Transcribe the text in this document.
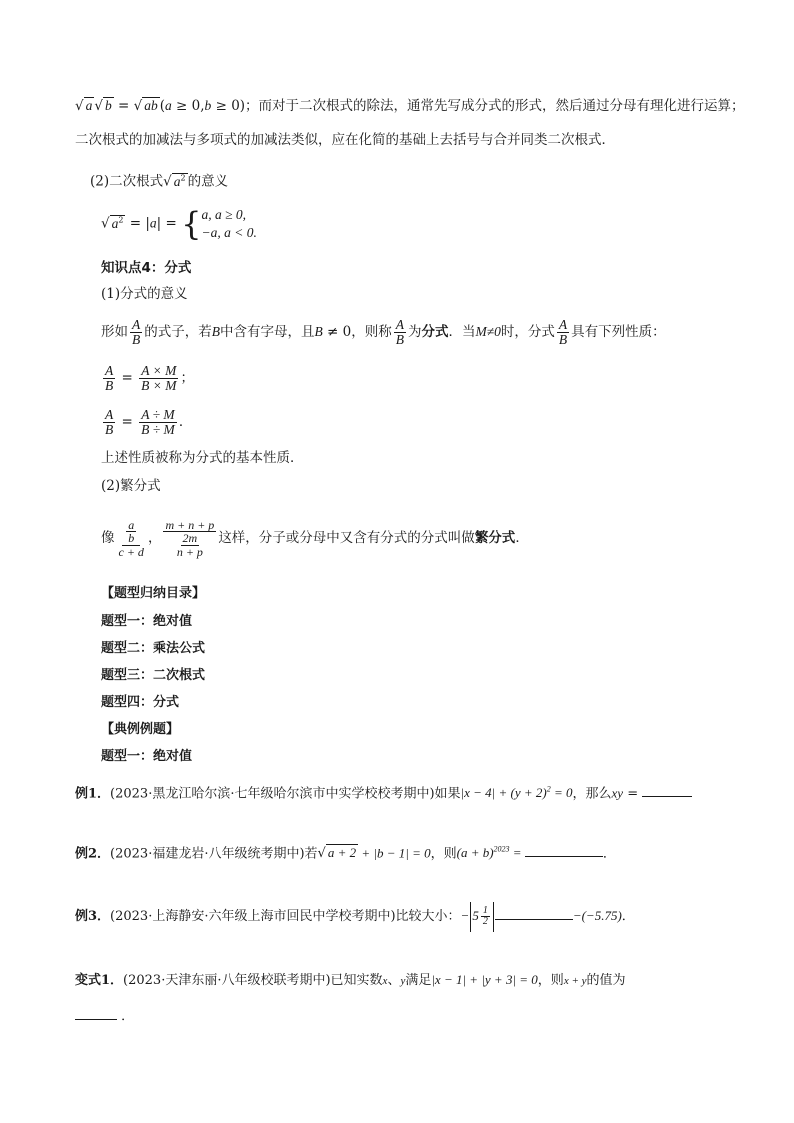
√ a √ b = √ ab (a ≥ 0,b ≥ 0)；而对于二次根式的除法，通常先写成分式的形式，然后通过分母有理化进行运算；
二次根式的加减法与多项式的加减法类似，应在化简的基础上去括号与合并同类二次根式．
(2)二次根式√ $a^2$ 的意义
√ $a^2 = |a|$ = { a, a ≥ 0,
−a, a < 0.
知识点4：分式
(1)分式的意义
形如 $\frac{A}{B}$ 的式子，若B中含有字母，且B ≠ 0，则称 $\frac{A}{B}$ 为分式．当M≠0时，分式 $\frac{A}{B}$ 具有下列性质：
$\frac{A}{B} = \frac{A \times M}{B \times M}$ ；
$\frac{A}{B} = \frac{A \div M}{B \div M}$ ．
上述性质被称为分式的基本性质．
(2)繁分式
像 $\frac{\frac{a}{b}}{c + d}$ ， $\frac{m + n + p}{\frac{2m}{n + p}}$ 这样，分子或分母中又含有分式的分式叫做繁分式．
【题型归纳目录】
题型一：绝对值
题型二：乘法公式
题型三：二次根式
题型四：分式
【典例例题】
题型一：绝对值
例1．(2023·黑龙江哈尔滨·七年级哈尔滨市中实学校校考期中)如果$|x - 4| + (y + 2)^2 = 0$，那么xy =
例2．(2023·福建龙岩·八年级统考期中)若√ a + 2 + |b − 1| = 0，则$(a + b)^{2023}$ =	．
例3．(2023·上海静安·六年级上海市回民中学校考期中)比较大小：− $5 \frac{1}{2}$	−(−5.75)．
变式1．(2023·天津东丽·八年级校联考期中)已知实数x、y满足|x − 1| + |y + 3| = 0，则x + y的值为
．
